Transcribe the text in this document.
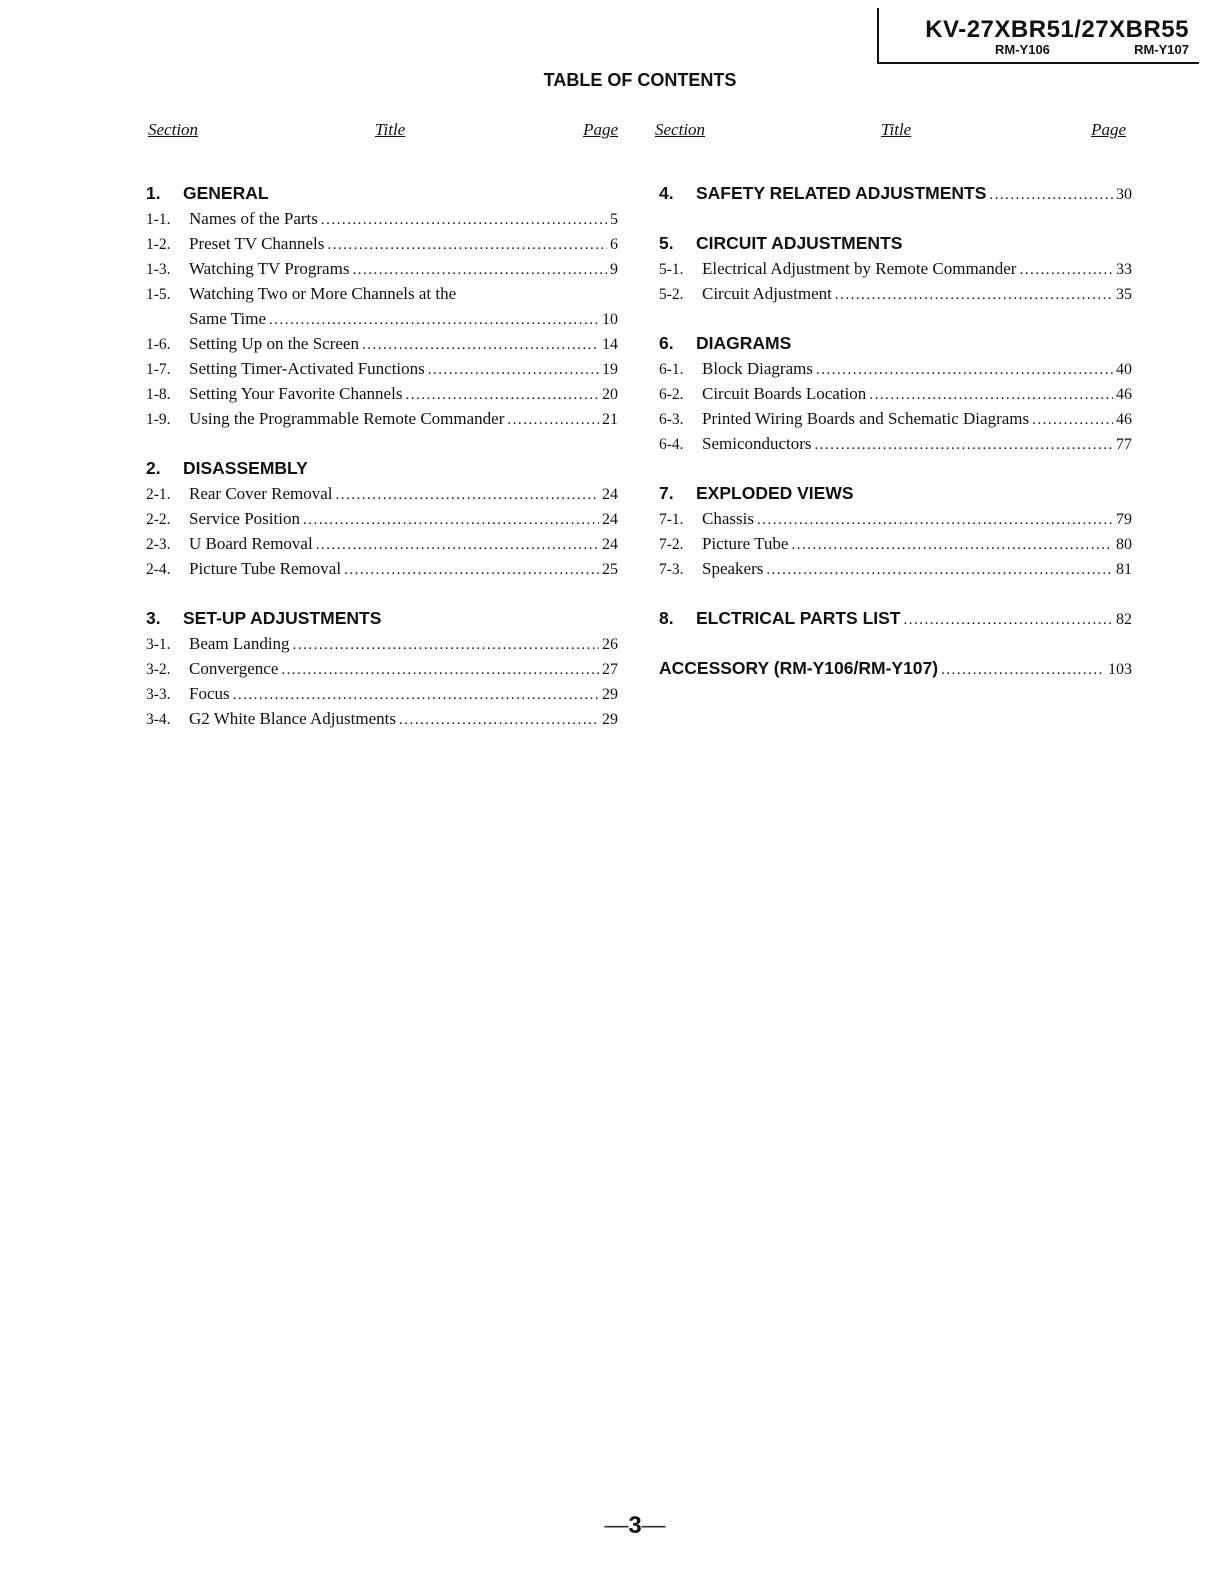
KV-27XBR51/27XBR55
RM-Y106	RM-Y107
TABLE OF CONTENTS
Section	Title	Page
1.	GENERAL
1-1.	Names of the Parts .....	5
1-2.	Preset TV Channels .....	6
1-3.	Watching TV Programs .....	9
1-5.	Watching Two or More Channels at the
Same Time .....	10
1-6.	Setting Up on the Screen .....	14
1-7.	Setting Timer-Activated Functions .....	19
1-8.	Setting Your Favorite Channels .....	20
1-9.	Using the Programmable Remote Commander .....	21
2.	DISASSEMBLY
2-1.	Rear Cover Removal .....	24
2-2.	Service Position .....	24
2-3.	U Board Removal .....	24
2-4.	Picture Tube Removal .....	25
3.	SET-UP ADJUSTMENTS
3-1.	Beam Landing .....	26
3-2.	Convergence .....	27
3-3.	Focus .....	29
3-4.	G2 White Blance Adjustments .....	29
Section	Title	Page
4.	SAFETY RELATED ADJUSTMENTS .....	30
5.	CIRCUIT ADJUSTMENTS
5-1.	Electrical Adjustment by Remote Commander .....	33
5-2.	Circuit Adjustment .....	35
6.	DIAGRAMS
6-1.	Block Diagrams .....	40
6-2.	Circuit Boards Location .....	46
6-3.	Printed Wiring Boards and Schematic Diagrams .....	46
6-4.	Semiconductors .....	77
7.	EXPLODED VIEWS
7-1.	Chassis .....	79
7-2.	Picture Tube .....	80
7-3.	Speakers .....	81
8.	ELCTRICAL PARTS LIST .....	82
ACCESSORY (RM-Y106/RM-Y107) .....	103
—3—
